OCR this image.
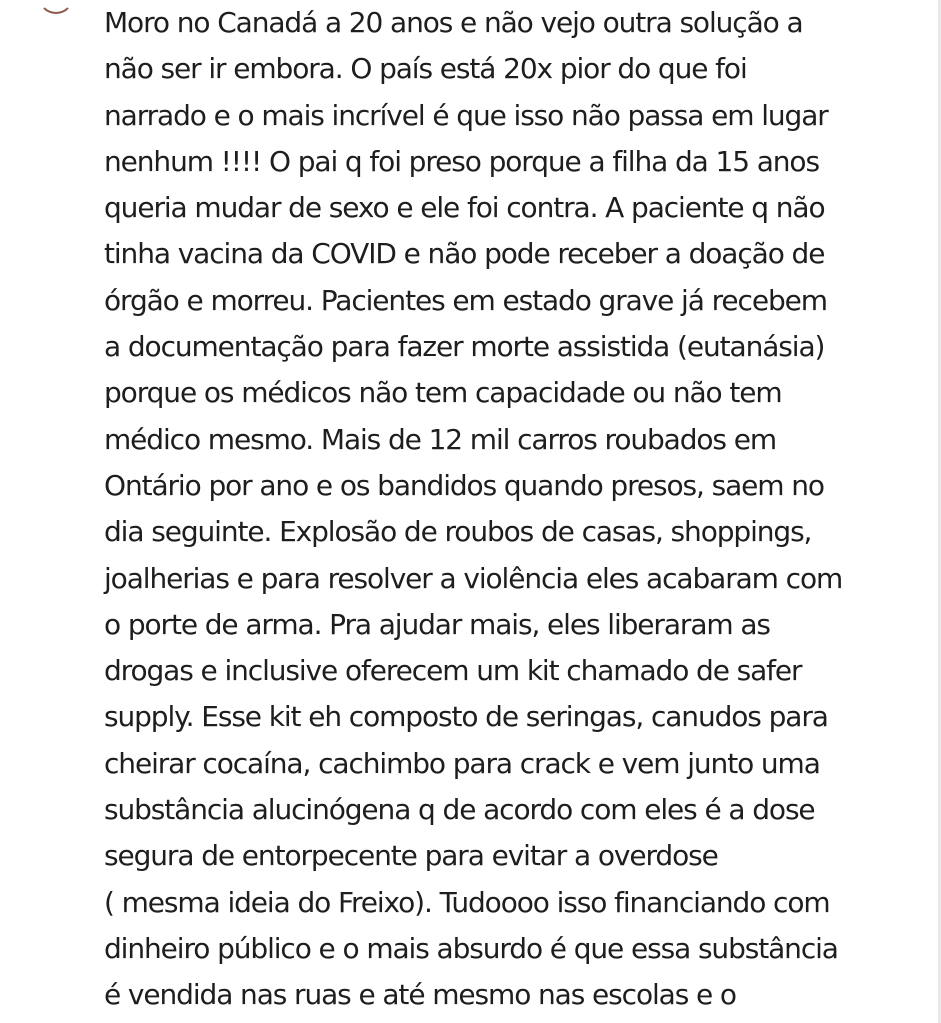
Moro no Canadá a 20 anos e não vejo outra solução a
não ser ir embora. O país está 20x pior do que foi
narrado e o mais incrível é que isso não passa em lugar
nenhum !!!! O pai q foi preso porque a filha da 15 anos
queria mudar de sexo e ele foi contra. A paciente q não
tinha vacina da COVID e não pode receber a doação de
órgão e morreu. Pacientes em estado grave já recebem
a documentação para fazer morte assistida (eutanásia)
porque os médicos não tem capacidade ou não tem
médico mesmo. Mais de 12 mil carros roubados em
Ontário por ano e os bandidos quando presos, saem no
dia seguinte. Explosão de roubos de casas, shoppings,
joalherias e para resolver a violência eles acabaram com
o porte de arma. Pra ajudar mais, eles liberaram as
drogas e inclusive oferecem um kit chamado de safer
supply. Esse kit eh composto de seringas, canudos para
cheirar cocaína, cachimbo para crack e vem junto uma
substância alucinógena q de acordo com eles é a dose
segura de entorpecente para evitar a overdose
( mesma ideia do Freixo). Tudoooo isso financiando com
dinheiro público e o mais absurdo é que essa substância
é vendida nas ruas e até mesmo nas escolas e o
